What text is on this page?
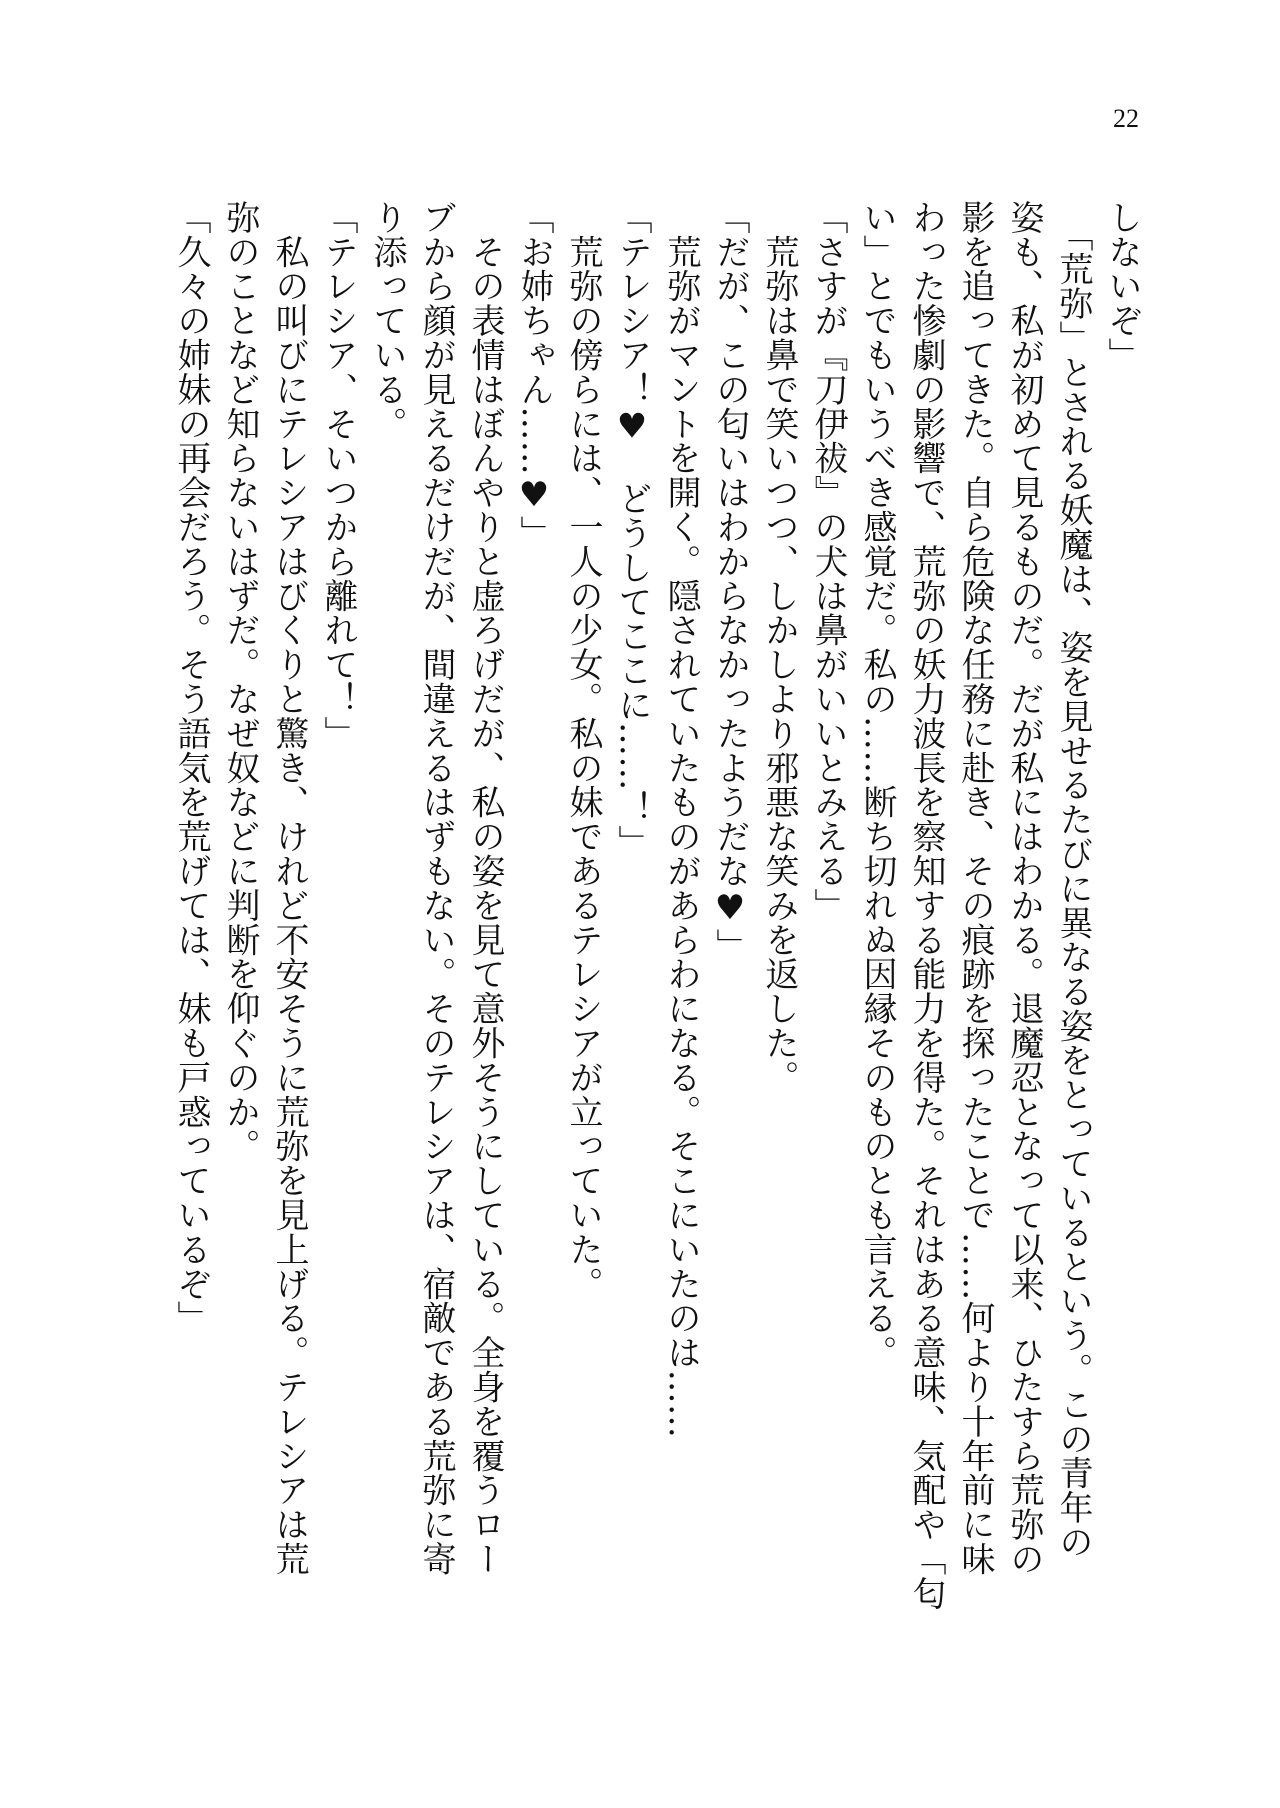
22
しないぞ」
　「荒弥」とされる妖魔は、姿を見せるたびに異なる姿をとっているという。この青年の
姿も、私が初めて見るものだ。だが私にはわかる。退魔忍となって以来、ひたすら荒弥の
影を追ってきた。自ら危険な任務に赴き、その痕跡を探ったことで……何より十年前に味
わった惨劇の影響で、荒弥の妖力波長を察知する能力を得た。それはある意味、気配や「匂
い」とでもいうべき感覚だ。私の……断ち切れぬ因縁そのものとも言える。
「さすが『刀伊祓』の犬は鼻がいいとみえる」
　荒弥は鼻で笑いつつ、しかしより邪悪な笑みを返した。
「だが、この匂いはわからなかったようだな♥」
　荒弥がマントを開く。隠されていたものがあらわになる。そこにいたのは……
「テレシア！♥　どうしてここに……！」
　荒弥の傍らには、一人の少女。私の妹であるテレシアが立っていた。
「お姉ちゃん……♥」
　その表情はぼんやりと虚ろげだが、私の姿を見て意外そうにしている。全身を覆うロー
ブから顔が見えるだけだが、間違えるはずもない。そのテレシアは、宿敵である荒弥に寄
り添っている。
「テレシア、そいつから離れて！」
　私の叫びにテレシアはびくりと驚き、けれど不安そうに荒弥を見上げる。テレシアは荒
弥のことなど知らないはずだ。なぜ奴などに判断を仰ぐのか。
「久々の姉妹の再会だろう。そう語気を荒げては、妹も戸惑っているぞ」
